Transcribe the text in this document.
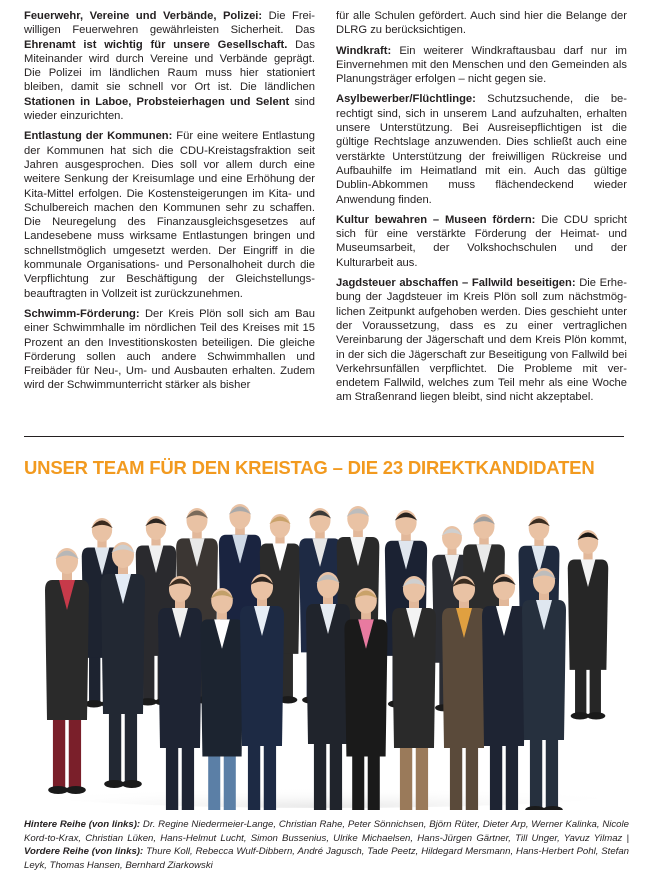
Feuerwehr, Vereine und Verbände, Polizei: Die Freiwilligen Feuerwehren gewährleisten Sicherheit. Das Ehrenamt ist wichtig für unsere Gesellschaft. Das Miteinander wird durch Vereine und Verbände geprägt. Die Polizei im ländlichen Raum muss hier stationiert bleiben, damit sie schnell vor Ort ist. Die ländlichen Stationen in Laboe, Probsteierhagen und Selent sind wieder einzurichten.

Entlastung der Kommunen: Für eine weitere Entlastung der Kommunen hat sich die CDU-Kreistagsfraktion seit Jahren ausgesprochen. Dies soll vor allem durch eine weitere Senkung der Kreisumlage und eine Erhöhung der Kita-Mittel erfolgen. Die Kostensteigerungen im Kita- und Schulbereich machen den Kommunen sehr zu schaffen. Die Neuregelung des Finanzausgleichsgesetzes auf Landesebene muss wirksame Entlastungen bringen und schnellstmöglich umgesetzt werden. Der Eingriff in die kommunale Organisations- und Personalhoheit durch die Verpflichtung zur Beschäftigung der Gleichstellungsbeauftragten in Vollzeit ist zurückzunehmen.

Schwimm-Förderung: Der Kreis Plön soll sich am Bau einer Schwimmhalle im nördlichen Teil des Kreises mit 15 Prozent an den Investitionskosten beteiligen. Die gleiche Förderung sollen auch andere Schwimmhallen und Freibäder für Neu-, Um- und Ausbauten erhalten. Zudem wird der Schwimmunterricht stärker als bisher

für alle Schulen gefördert. Auch sind hier die Belange der DLRG zu berücksichtigen.

Windkraft: Ein weiterer Windkraftausbau darf nur im Einvernehmen mit den Menschen und den Gemeinden als Planungsträger erfolgen – nicht gegen sie.

Asylbewerber/Flüchtlinge: Schutzsuchende, die berechtigt sind, sich in unserem Land aufzuhalten, erhalten unsere Unterstützung. Bei Ausreisepflichtigen ist die gültige Rechtslage anzuwenden. Dies schließt auch eine verstärkte Unterstützung der freiwilligen Rückreise und Aufbauhilfe im Heimatland mit ein. Auch das gültige Dublin-Abkommen muss flächendeckend wieder Anwendung finden.

Kultur bewahren – Museen fördern: Die CDU spricht sich für eine verstärkte Förderung der Heimat- und Museumsarbeit, der Volkshochschulen und der Kulturarbeit aus.

Jagdsteuer abschaffen – Fallwild beseitigen: Die Erhebung der Jagdsteuer im Kreis Plön soll zum nächstmöglichen Zeitpunkt aufgehoben werden. Dies geschieht unter der Voraussetzung, dass es zu einer vertraglichen Vereinbarung der Jägerschaft und dem Kreis Plön kommt, in der sich die Jägerschaft zur Beseitigung von Fallwild bei Verkehrsunfällen verpflichtet. Die Probleme mit verendetem Fallwild, welches zum Teil mehr als eine Woche am Straßenrand liegen bleibt, sind nicht akzeptabel.

UNSER TEAM FÜR DEN KREISTAG – DIE 23 DIREKTKANDIDATEN
Hintere Reihe (von links): Dr. Regine Niedermeier-Lange, Christian Rahe, Peter Sönnichsen, Björn Rüter, Dieter Arp, Werner Kalinka, Nicole Kord-to-Krax, Christian Lüken, Hans-Helmut Lucht, Simon Bussenius, Ulrike Michaelsen, Hans-Jürgen Gärtner, Till Unger, Yavuz Yilmaz | Vordere Reihe (von links): Thure Koll, Rebecca Wulf-Dibbern, André Jagusch, Tade Peetz, Hildegard Mersmann, Hans-Herbert Pohl, Stefan Leyk, Thomas Hansen, Bernhard Ziarkowski
